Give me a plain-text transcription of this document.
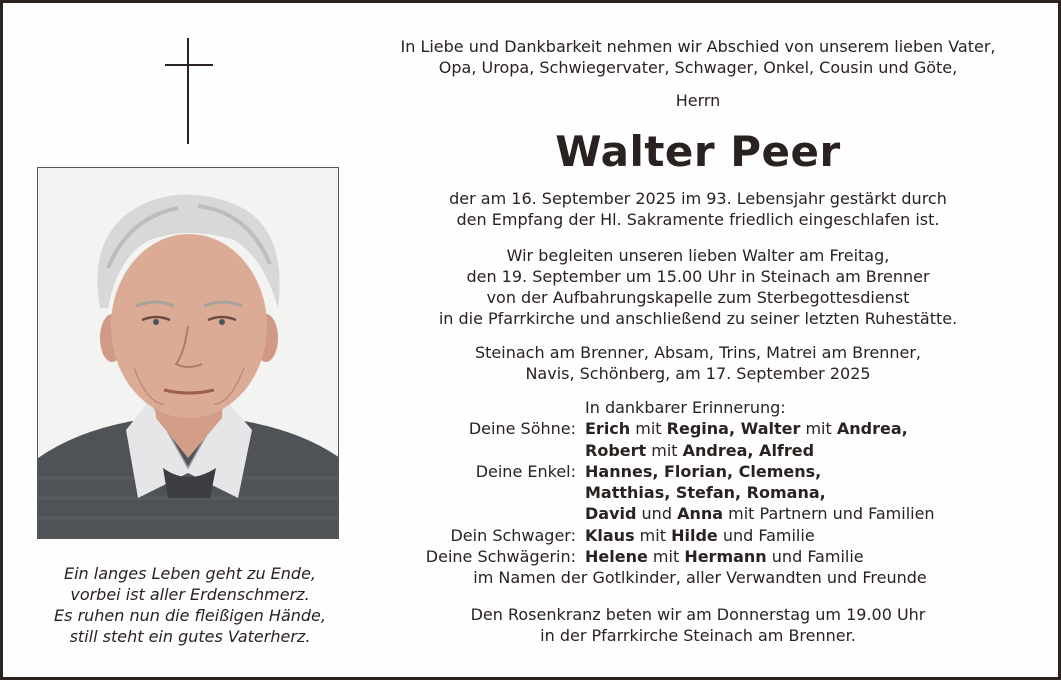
Ein langes Leben geht zu Ende,
vorbei ist aller Erdenschmerz.
Es ruhen nun die fleißigen Hände,
still steht ein gutes Vaterherz.
In Liebe und Dankbarkeit nehmen wir Abschied von unserem lieben Vater,
Opa, Uropa, Schwiegervater, Schwager, Onkel, Cousin und Göte,
Herrn
Walter Peer
der am 16. September 2025 im 93. Lebensjahr gestärkt durch
den Empfang der Hl. Sakramente friedlich eingeschlafen ist.
Wir begleiten unseren lieben Walter am Freitag,
den 19. September um 15.00 Uhr in Steinach am Brenner
von der Aufbahrungskapelle zum Sterbegottesdienst
in die Pfarrkirche und anschließend zu seiner letzten Ruhestätte.
Steinach am Brenner, Absam, Trins, Matrei am Brenner,
Navis, Schönberg, am 17. September 2025
In dankbarer Erinnerung:
Deine Söhne: Erich mit Regina, Walter mit Andrea,
Robert mit Andrea, Alfred
Deine Enkel: Hannes, Florian, Clemens,
Matthias, Stefan, Romana,
David und Anna mit Partnern und Familien
Dein Schwager: Klaus mit Hilde und Familie
Deine Schwägerin: Helene mit Hermann und Familie
im Namen der Gotlkinder, aller Verwandten und Freunde
Den Rosenkranz beten wir am Donnerstag um 19.00 Uhr
in der Pfarrkirche Steinach am Brenner.
